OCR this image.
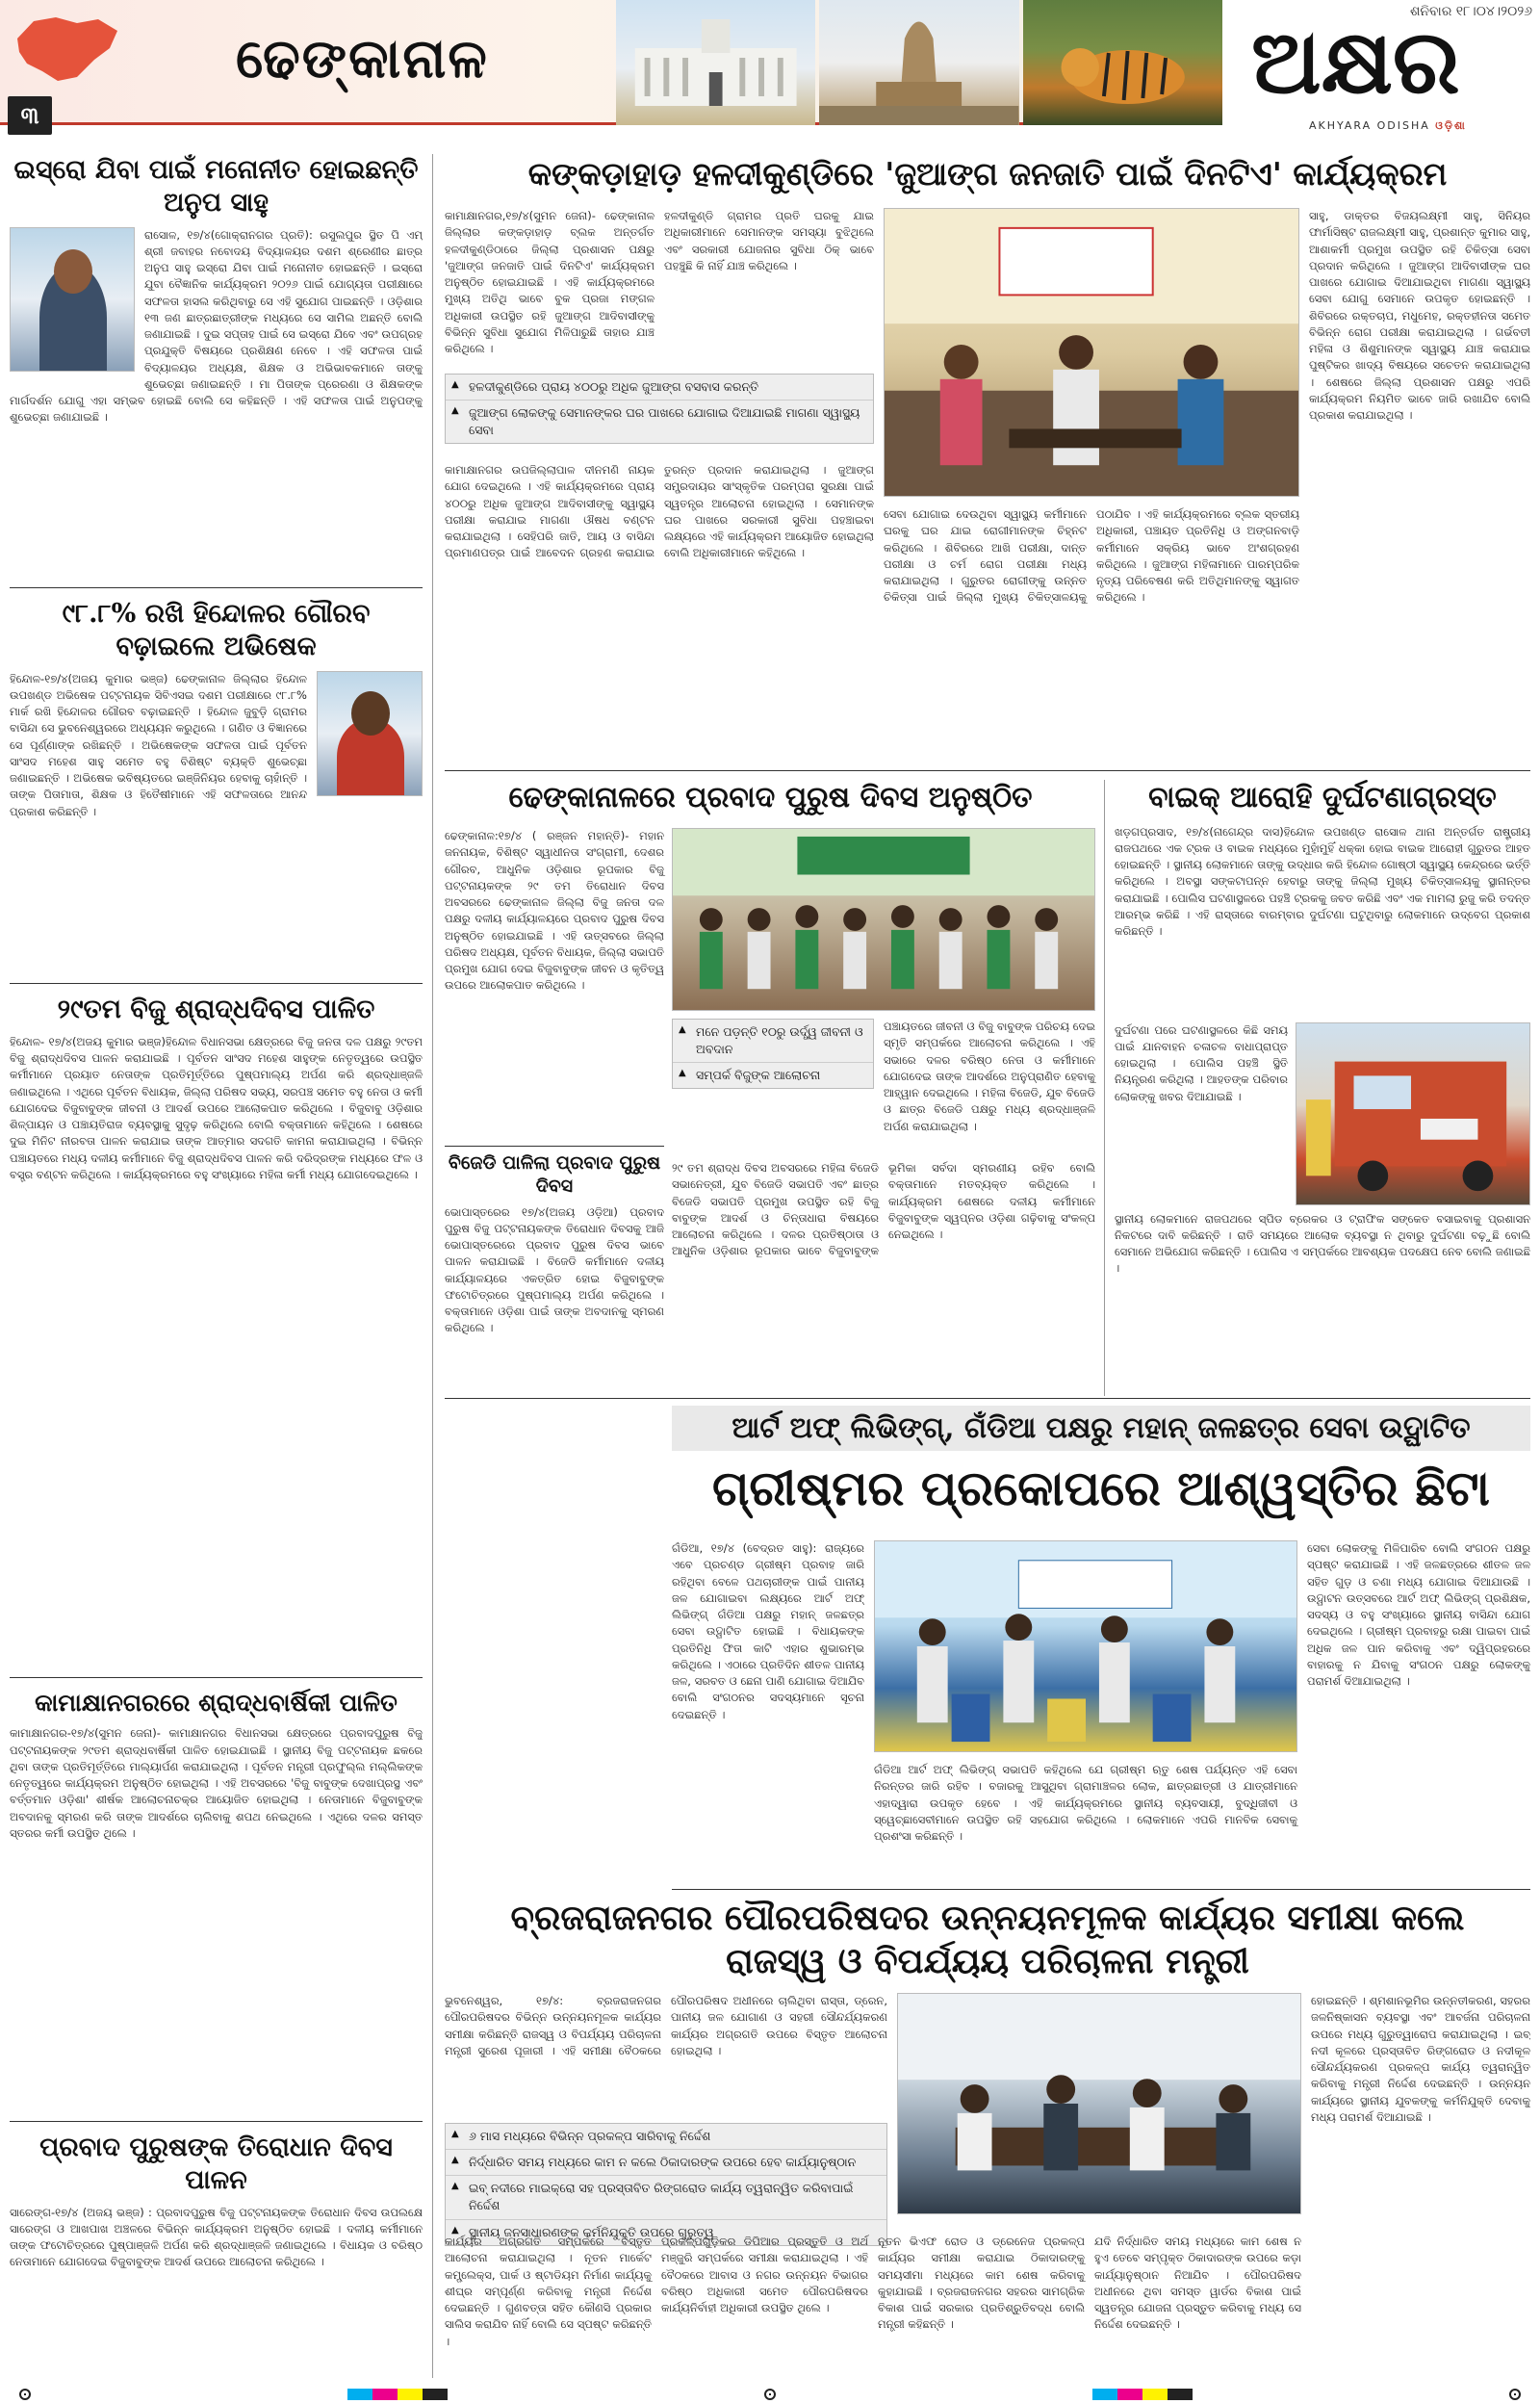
ଢେଙ୍କାନାଳ
୩
ଶନିବାର ୧୮।୦୪।୨୦୨୬
ଅକ୍ଷର
AKHYARA ODISHA ଓଡ଼ିଶା
ଇସ୍ରୋ ଯିବା ପାଇଁ ମନୋନୀତ ହୋଇଛନ୍ତି ଅନୁପ ସାହୁ
ରାସୋଳ, ୧୭/୪(ଗୋକ୍ରାନଗର ପ୍ରତି): ରସୁଲପୁର ସ୍ଥିତ ପି ଏମ୍ ଶ୍ରୀ ଜବାହର ନବୋଦୟ ବିଦ୍ୟାଳୟର ଦଶମ ଶ୍ରେଣୀର ଛାତ୍ର ଅନୁପ ସାହୁ ଇସ୍ରୋ ଯିବା ପାଇଁ ମନୋନୀତ ହୋଇଛନ୍ତି । ଇସ୍ରୋ ଯୁବା ବୈଜ୍ଞାନିକ କାର୍ଯ୍ୟକ୍ରମ ୨୦୨୬ ପାଇଁ ଯୋଗ୍ୟତା ପରୀକ୍ଷାରେ ସଫଳତା ହାସଲ କରିଥିବାରୁ ସେ ଏହି ସୁଯୋଗ ପାଇଛନ୍ତି । ଓଡ଼ିଶାର ୧୩ ଜଣ ଛାତ୍ରଛାତ୍ରୀଙ୍କ ମଧ୍ୟରେ ସେ ସାମିଲ ଅଛନ୍ତି ବୋଲି ଜଣାଯାଇଛି । ଦୁଇ ସପ୍ତାହ ପାଇଁ ସେ ଇସ୍ରୋ ଯିବେ ଏବଂ ଉପଗ୍ରହ ପ୍ରଯୁକ୍ତି ବିଷୟରେ ପ୍ରଶିକ୍ଷଣ ନେବେ । ଏହି ସଫଳତା ପାଇଁ ବିଦ୍ୟାଳୟର ଅଧ୍ୟକ୍ଷ, ଶିକ୍ଷକ ଓ ଅଭିଭାବକମାନେ ତାଙ୍କୁ ଶୁଭେଚ୍ଛା ଜଣାଇଛନ୍ତି । ମା ପିତାଙ୍କ ପ୍ରେରଣା ଓ ଶିକ୍ଷକଙ୍କ ମାର୍ଗଦର୍ଶନ ଯୋଗୁ ଏହା ସମ୍ଭବ ହୋଇଛି ବୋଲି ସେ କହିଛନ୍ତି । ଏହି ସଫଳତା ପାଇଁ ଅନୁପଙ୍କୁ ଶୁଭେଚ୍ଛା ଜଣାଯାଇଛି ।
୯୮.୮% ରଖି ହିନ୍ଦୋଳର ଗୌରବ ବଢ଼ାଇଲେ ଅଭିଷେକ
ହିନ୍ଦୋଳ-୧୭/୪(ଅଜୟ କୁମାର ଭଞ୍ଜ) ଢେଙ୍କାନାଳ ଜିଲ୍ଲାର ହିନ୍ଦୋଳ ଉପଖଣ୍ଡ ଅଭିଷେକ ପଟ୍ଟନାୟକ ସିବିଏସଇ ଦଶମ ପରୀକ୍ଷାରେ ୯୮.୮% ମାର୍କ ରଖି ହିନ୍ଦୋଳର ଗୌରବ ବଢ଼ାଇଛନ୍ତି । ହିନ୍ଦୋଳ ଜୁବୁଡ଼ି ଗ୍ରାମର ବାସିନ୍ଦା ସେ ଭୁବନେଶ୍ୱରରେ ଅଧ୍ୟୟନ କରୁଥିଲେ । ଗଣିତ ଓ ବିଜ୍ଞାନରେ ସେ ପୂର୍ଣ୍ଣାଙ୍କ ରଖିଛନ୍ତି । ଅଭିଷେକଙ୍କ ସଫଳତା ପାଇଁ ପୂର୍ବତନ ସାଂସଦ ମହେଶ ସାହୁ ସମେତ ବହୁ ବିଶିଷ୍ଟ ବ୍ୟକ୍ତି ଶୁଭେଚ୍ଛା ଜଣାଇଛନ୍ତି । ଅଭିଷେକ ଭବିଷ୍ୟତରେ ଇଞ୍ଜିନିୟର ହେବାକୁ ଚାହାଁନ୍ତି । ତାଙ୍କ ପିତାମାତା, ଶିକ୍ଷକ ଓ ହିତୈଷୀମାନେ ଏହି ସଫଳତାରେ ଆନନ୍ଦ ପ୍ରକାଶ କରିଛନ୍ତି ।
୨୯ତମ ବିଜୁ ଶ୍ରାଦ୍ଧଦିବସ ପାଳିତ
ହିନ୍ଦୋଳ- ୧୭/୪(ଅଜୟ କୁମାର ଭଞ୍ଜ)ହିନ୍ଦୋଳ ବିଧାନସଭା କ୍ଷେତ୍ରରେ ବିଜୁ ଜନତା ଦଳ ପକ୍ଷରୁ ୨୯ତମ ବିଜୁ ଶ୍ରାଦ୍ଧଦିବସ ପାଳନ କରାଯାଇଛି । ପୂର୍ବତନ ସାଂସଦ ମହେଶ ସାହୁଙ୍କ ନେତୃତ୍ୱରେ ଉପସ୍ଥିତ କର୍ମୀମାନେ ପ୍ରୟାତ ନେତାଙ୍କ ପ୍ରତିମୂର୍ତ୍ତିରେ ପୁଷ୍ପମାଲ୍ୟ ଅର୍ପଣ କରି ଶ୍ରଦ୍ଧାଞ୍ଜଳି ଜଣାଇଥିଲେ । ଏଥିରେ ପୂର୍ବତନ ବିଧାୟକ, ଜିଲ୍ଲା ପରିଷଦ ସଭ୍ୟ, ସରପଞ୍ଚ ସମେତ ବହୁ ନେତା ଓ କର୍ମୀ ଯୋଗଦେଇ ବିଜୁବାବୁଙ୍କ ଜୀବନୀ ଓ ଆଦର୍ଶ ଉପରେ ଆଲୋକପାତ କରିଥିଲେ । ବିଜୁବାବୁ ଓଡ଼ିଶାର ଶିଳ୍ପାୟନ ଓ ପଞ୍ଚାୟତିରାଜ ବ୍ୟବସ୍ଥାକୁ ସୁଦୃଢ଼ କରିଥିଲେ ବୋଲି ବକ୍ତାମାନେ କହିଥିଲେ । ଶେଷରେ ଦୁଇ ମିନିଟ ନୀରବତା ପାଳନ କରାଯାଇ ତାଙ୍କ ଆତ୍ମାର ସଦଗତି କାମନା କରାଯାଇଥିଲା । ବିଭିନ୍ନ ପଞ୍ଚାୟତରେ ମଧ୍ୟ ଦଳୀୟ କର୍ମୀମାନେ ବିଜୁ ଶ୍ରାଦ୍ଧଦିବସ ପାଳନ କରି ଦରିଦ୍ରଙ୍କ ମଧ୍ୟରେ ଫଳ ଓ ବସ୍ତ୍ର ବଣ୍ଟନ କରିଥିଲେ । କାର୍ଯ୍ୟକ୍ରମରେ ବହୁ ସଂଖ୍ୟାରେ ମହିଳା କର୍ମୀ ମଧ୍ୟ ଯୋଗଦେଇଥିଲେ ।
କାମାକ୍ଷାନଗରରେ ଶ୍ରାଦ୍ଧବାର୍ଷିକୀ ପାଳିତ
କାମାକ୍ଷାନଗର-୧୭/୪(ସୁମନ ଜେନା)- କାମାକ୍ଷାନଗର ବିଧାନସଭା କ୍ଷେତ୍ରରେ ପ୍ରବାଦପୁରୁଷ ବିଜୁ ପଟ୍ଟନାୟକଙ୍କ ୨୯ତମ ଶ୍ରାଦ୍ଧବାର୍ଷିକୀ ପାଳିତ ହୋଇଯାଇଛି । ସ୍ଥାନୀୟ ବିଜୁ ପଟ୍ଟନାୟକ ଛକରେ ଥିବା ତାଙ୍କ ପ୍ରତିମୂର୍ତ୍ତିରେ ମାଲ୍ୟାର୍ପଣ କରାଯାଇଥିଲା । ପୂର୍ବତନ ମନ୍ତ୍ରୀ ପ୍ରଫୁଲ୍ଲ ମଲ୍ଲିକଙ୍କ ନେତୃତ୍ୱରେ କାର୍ଯ୍ୟକ୍ରମ ଅନୁଷ୍ଠିତ ହୋଇଥିଲା । ଏହି ଅବସରରେ 'ବିଜୁ ବାବୁଙ୍କ ଦେଖାପ୍ରସ୍ଥ ଏବଂ ବର୍ତ୍ତମାନ ଓଡ଼ିଶା' ଶୀର୍ଷକ ଆଲୋଚନାଚକ୍ର ଆୟୋଜିତ ହୋଇଥିଲା । ନେତାମାନେ ବିଜୁବାବୁଙ୍କ ଅବଦାନକୁ ସ୍ମରଣ କରି ତାଙ୍କ ଆଦର୍ଶରେ ଚାଲିବାକୁ ଶପଥ ନେଇଥିଲେ । ଏଥିରେ ଦଳର ସମସ୍ତ ସ୍ତରର କର୍ମୀ ଉପସ୍ଥିତ ଥିଲେ ।
ପ୍ରବାଦ ପୁରୁଷଙ୍କ ତିରୋଧାନ ଦିବସ ପାଳନ
ସାରେଙ୍ଗ-୧୭/୪ (ଅଜୟ ଭଞ୍ଜ) : ପ୍ରବାଦପୁରୁଷ ବିଜୁ ପଟ୍ଟନାୟକଙ୍କ ତିରୋଧାନ ଦିବସ ଉପଲକ୍ଷେ ସାରେଙ୍ଗ ଓ ଆଖପାଖ ଅଞ୍ଚଳରେ ବିଭିନ୍ନ କାର୍ଯ୍ୟକ୍ରମ ଅନୁଷ୍ଠିତ ହୋଇଛି । ଦଳୀୟ କର୍ମୀମାନେ ତାଙ୍କ ଫଟୋଚିତ୍ରରେ ପୁଷ୍ପାଞ୍ଜଳି ଅର୍ପଣ କରି ଶ୍ରଦ୍ଧାଞ୍ଜଳି ଜଣାଇଥିଲେ । ବିଧାୟକ ଓ ବରିଷ୍ଠ ନେତାମାନେ ଯୋଗଦେଇ ବିଜୁବାବୁଙ୍କ ଆଦର୍ଶ ଉପରେ ଆଲୋଚନା କରିଥିଲେ ।
କଙ୍କଡ଼ାହାଡ଼ ହଳଦୀକୁଣ୍ଡିରେ 'ଜୁଆଙ୍ଗ ଜନଜାତି ପାଇଁ ଦିନଟିଏ' କାର୍ଯ୍ୟକ୍ରମ
କାମାକ୍ଷାନଗର,୧୭/୪(ସୁମନ ଜେନା)- ଢେଙ୍କାନାଳ ଜିଲ୍ଲାର କଙ୍କଡ଼ାହାଡ଼ ବ୍ଲକ ଅନ୍ତର୍ଗତ ହଳଦୀକୁଣ୍ଡିଠାରେ ଜିଲ୍ଲା ପ୍ରଶାସନ ପକ୍ଷରୁ 'ଜୁଆଙ୍ଗ ଜନଜାତି ପାଇଁ ଦିନଟିଏ' କାର୍ଯ୍ୟକ୍ରମ ଅନୁଷ୍ଠିତ ହୋଇଯାଇଛି । ଏହି କାର୍ଯ୍ୟକ୍ରମରେ ମୁଖ୍ୟ ଅତିଥି ଭାବେ ବୁକ ପ୍ରଜା ମଙ୍ଗଳ ଅଧିକାରୀ ଉପସ୍ଥିତ ରହି ଜୁଆଙ୍ଗ ଆଦିବାସୀଙ୍କୁ ବିଭିନ୍ନ ସୁବିଧା ସୁଯୋଗ ମିଳିପାରୁଛି ତାହାର ଯାଞ୍ଚ କରିଥିଲେ ।
ହଳଦୀକୁଣ୍ଡି ଗ୍ରାମର ପ୍ରତି ଘରକୁ ଯାଇ ଅଧିକାରୀମାନେ ସେମାନଙ୍କ ସମସ୍ୟା ବୁଝିଥିଲେ ଏବଂ ସରକାରୀ ଯୋଜନାର ସୁବିଧା ଠିକ୍ ଭାବେ ପହଞ୍ଚୁଛି କି ନାହିଁ ଯାଞ୍ଚ କରିଥିଲେ ।
▲ ହଳଦୀକୁଣ୍ଡିରେ ପ୍ରାୟ ୪୦୦ରୁ ଅଧିକ ଜୁଆଙ୍ଗ ବସବାସ କରନ୍ତି
▲ ଜୁଆଙ୍ଗ ଲୋକଙ୍କୁ ସେମାନଙ୍କର ଘର ପାଖରେ ଯୋଗାଇ ଦିଆଯାଇଛି ମାଗଣା ସ୍ୱାସ୍ଥ୍ୟ ସେବା
କାମାକ୍ଷାନଗର ଉପଜିଲ୍ଲାପାଳ ଦୀନମଣି ନାୟକ ଯୋଗ ଦେଇଥିଲେ । ଏହି କାର୍ଯ୍ୟକ୍ରମରେ ପ୍ରାୟ ୪୦୦ରୁ ଅଧିକ ଜୁଆଙ୍ଗ ଆଦିବାସୀଙ୍କୁ ସ୍ୱାସ୍ଥ୍ୟ ପରୀକ୍ଷା କରାଯାଇ ମାଗଣା ଔଷଧ ବଣ୍ଟନ କରାଯାଇଥିଲା । ସେହିପରି ଜାତି, ଆୟ ଓ ବାସିନ୍ଦା ପ୍ରମାଣପତ୍ର ପାଇଁ ଆବେଦନ ଗ୍ରହଣ କରାଯାଇ ତୁରନ୍ତ ପ୍ରଦାନ କରାଯାଇଥିଲା । ଜୁଆଙ୍ଗ ସମ୍ପ୍ରଦାୟର ସାଂସ୍କୃତିକ ପରମ୍ପରା ସୁରକ୍ଷା ପାଇଁ ସ୍ୱତନ୍ତ୍ର ଆଲୋଚନା ହୋଇଥିଲା । ସେମାନଙ୍କ ଘର ପାଖରେ ସରକାରୀ ସୁବିଧା ପହଞ୍ଚାଇବା ଲକ୍ଷ୍ୟରେ ଏହି କାର୍ଯ୍ୟକ୍ରମ ଆୟୋଜିତ ହୋଇଥିଲା ବୋଲି ଅଧିକାରୀମାନେ କହିଥିଲେ ।
ସାହୁ, ଡାକ୍ତର ବିଜୟଲକ୍ଷ୍ମୀ ସାହୁ, ସିନିୟର ଫାର୍ମାସିଷ୍ଟ ରାଜଲକ୍ଷ୍ମୀ ସାହୁ, ପ୍ରଶାନ୍ତ କୁମାର ସାହୁ, ଆଶାକର୍ମୀ ପ୍ରମୁଖ ଉପସ୍ଥିତ ରହି ଚିକିତ୍ସା ସେବା ପ୍ରଦାନ କରିଥିଲେ । ଜୁଆଙ୍ଗ ଆଦିବାସୀଙ୍କ ଘର ପାଖରେ ଯୋଗାଇ ଦିଆଯାଇଥିବା ମାଗଣା ସ୍ୱାସ୍ଥ୍ୟ ସେବା ଯୋଗୁ ସେମାନେ ଉପକୃତ ହୋଇଛନ୍ତି । ଶିବିରରେ ରକ୍ତଚାପ, ମଧୁମେହ, ରକ୍ତହୀନତା ସମେତ ବିଭିନ୍ନ ରୋଗ ପରୀକ୍ଷା କରାଯାଇଥିଲା । ଗର୍ଭବତୀ ମହିଳା ଓ ଶିଶୁମାନଙ୍କ ସ୍ୱାସ୍ଥ୍ୟ ଯାଞ୍ଚ କରାଯାଇ ପୁଷ୍ଟିକର ଖାଦ୍ୟ ବିଷୟରେ ସଚେତନ କରାଯାଇଥିଲା । ଶେଷରେ ଜିଲ୍ଲା ପ୍ରଶାସନ ପକ୍ଷରୁ ଏପରି କାର୍ଯ୍ୟକ୍ରମ ନିୟମିତ ଭାବେ ଜାରି ରଖାଯିବ ବୋଲି ପ୍ରକାଶ କରାଯାଇଥିଲା ।
ସେବା ଯୋଗାଇ ଦେଉଥିବା ସ୍ୱାସ୍ଥ୍ୟ କର୍ମୀମାନେ ଘରକୁ ଘର ଯାଇ ରୋଗୀମାନଙ୍କ ଚିହ୍ନଟ କରିଥିଲେ । ଶିବିରରେ ଆଖି ପରୀକ୍ଷା, ଦାନ୍ତ ପରୀକ୍ଷା ଓ ଚର୍ମ ରୋଗ ପରୀକ୍ଷା ମଧ୍ୟ କରାଯାଇଥିଲା । ଗୁରୁତର ରୋଗୀଙ୍କୁ ଉନ୍ନତ ଚିକିତ୍ସା ପାଇଁ ଜିଲ୍ଲା ମୁଖ୍ୟ ଚିକିତ୍ସାଳୟକୁ ପଠାଯିବ । ଏହି କାର୍ଯ୍ୟକ୍ରମରେ ବ୍ଲକ ସ୍ତରୀୟ ଅଧିକାରୀ, ପଞ୍ଚାୟତ ପ୍ରତିନିଧି ଓ ଅଙ୍ଗନବାଡ଼ି କର୍ମୀମାନେ ସକ୍ରିୟ ଭାବେ ଅଂଶଗ୍ରହଣ କରିଥିଲେ । ଜୁଆଙ୍ଗ ମହିଳାମାନେ ପାରମ୍ପରିକ ନୃତ୍ୟ ପରିବେଷଣ କରି ଅତିଥିମାନଙ୍କୁ ସ୍ୱାଗତ କରିଥିଲେ ।
ଢେଙ୍କାନାଳରେ ପ୍ରବାଦ ପୁରୁଷ ଦିବସ ଅନୁଷ୍ଠିତ
ଢେଙ୍କାନାଳ:୧୭/୪ ( ରଞ୍ଜନ ମହାନ୍ତି)- ମହାନ ଜନନାୟକ, ବିଶିଷ୍ଟ ସ୍ୱାଧୀନତା ସଂଗ୍ରାମୀ, ଦେଶର ଗୌରବ, ଆଧୁନିକ ଓଡ଼ିଶାର ରୂପକାର ବିଜୁ ପଟ୍ଟନାୟକଙ୍କ ୨୯ ତମ ତିରୋଧାନ ଦିବସ ଅବସରରେ ଢେଙ୍କାନାଳ ଜିଲ୍ଲା ବିଜୁ ଜନତା ଦଳ ପକ୍ଷରୁ ଦଳୀୟ କାର୍ଯ୍ୟାଳୟରେ ପ୍ରବାଦ ପୁରୁଷ ଦିବସ ଅନୁଷ୍ଠିତ ହୋଇଯାଇଛି । ଏହି ଉତ୍ସବରେ ଜିଲ୍ଲା ପରିଷଦ ଅଧ୍ୟକ୍ଷ, ପୂର୍ବତନ ବିଧାୟକ, ଜିଲ୍ଲା ସଭାପତି ପ୍ରମୁଖ ଯୋଗ ଦେଇ ବିଜୁବାବୁଙ୍କ ଜୀବନ ଓ କୃତିତ୍ୱ ଉପରେ ଆଲୋକପାତ କରିଥିଲେ ।
▲ ମନେ ପଡ଼ନ୍ତି ୧୦ରୁ ଉର୍ଦ୍ଧ୍ୱ ଜୀବନୀ ଓ ଅବଦାନ
▲ ସମ୍ପର୍କ ବିଜୁଙ୍କ ଆଲୋଚନା
ପଞ୍ଚାୟତରେ ଜୀବନୀ ଓ ବିଜୁ ବାବୁଙ୍କ ପରିଚୟ ଦେଇ ସ୍ମୃତି ସମ୍ପର୍କରେ ଆଲୋଚନା କରିଥିଲେ । ଏହି ସଭାରେ ଦଳର ବରିଷ୍ଠ ନେତା ଓ କର୍ମୀମାନେ ଯୋଗଦେଇ ତାଙ୍କ ଆଦର୍ଶରେ ଅନୁପ୍ରାଣିତ ହେବାକୁ ଆହ୍ୱାନ ଦେଇଥିଲେ । ମହିଳା ବିଜେଡି, ଯୁବ ବିଜେଡି ଓ ଛାତ୍ର ବିଜେଡି ପକ୍ଷରୁ ମଧ୍ୟ ଶ୍ରଦ୍ଧାଞ୍ଜଳି ଅର୍ପଣ କରାଯାଇଥିଲା ।
୨୯ ତମ ଶ୍ରାଦ୍ଧ ଦିବସ ଅବସରରେ ମହିଳା ବିଜେଡି ସଭାନେତ୍ରୀ, ଯୁବ ବିଜେଡି ସଭାପତି ଏବଂ ଛାତ୍ର ବିଜେଡି ସଭାପତି ପ୍ରମୁଖ ଉପସ୍ଥିତ ରହି ବିଜୁ ବାବୁଙ୍କ ଆଦର୍ଶ ଓ ଚିନ୍ତାଧାରା ବିଷୟରେ ଆଲୋଚନା କରିଥିଲେ । ଦଳର ପ୍ରତିଷ୍ଠାତା ଓ ଆଧୁନିକ ଓଡ଼ିଶାର ରୂପକାର ଭାବେ ବିଜୁବାବୁଙ୍କ ଭୂମିକା ସର୍ବଦା ସ୍ମରଣୀୟ ରହିବ ବୋଲି ବକ୍ତାମାନେ ମତବ୍ୟକ୍ତ କରିଥିଲେ । କାର୍ଯ୍ୟକ୍ରମ ଶେଷରେ ଦଳୀୟ କର୍ମୀମାନେ ବିଜୁବାବୁଙ୍କ ସ୍ୱପ୍ନର ଓଡ଼ିଶା ଗଢ଼ିବାକୁ ସଂକଳ୍ପ ନେଇଥିଲେ ।
ବିଜେଡି ପାଳିଲା ପ୍ରବାଦ ପୁରୁଷ ଦିବସ
ଭୋପାସ୍ତରେର ୧୭/୪(ଅଜୟ ଓଡ଼ିଆ) ପ୍ରବାଦ ପୁରୁଷ ବିଜୁ ପଟ୍ଟନାୟକଙ୍କ ତିରୋଧାନ ଦିବସକୁ ଆଜି ଭୋପାସ୍ତରେରେ ପ୍ରବାଦ ପୁରୁଷ ଦିବସ ଭାବେ ପାଳନ କରାଯାଇଛି । ବିଜେଡି କର୍ମୀମାନେ ଦଳୀୟ କାର୍ଯ୍ୟାଳୟରେ ଏକତ୍ରିତ ହୋଇ ବିଜୁବାବୁଙ୍କ ଫଟୋଚିତ୍ରରେ ପୁଷ୍ପମାଲ୍ୟ ଅର୍ପଣ କରିଥିଲେ । ବକ୍ତାମାନେ ଓଡ଼ିଶା ପାଇଁ ତାଙ୍କ ଅବଦାନକୁ ସ୍ମରଣ କରିଥିଲେ ।
ବାଇକ୍ ଆରୋହି ଦୁର୍ଘଟଣାଗ୍ରସ୍ତ
ଖଡ଼ଗପ୍ରସାଦ, ୧୭/୪(ନାଗେନ୍ଦ୍ର ଦାସ)ହିନ୍ଦୋଳ ଉପଖଣ୍ଡ ରାସୋଳ ଥାନା ଅନ୍ତର୍ଗତ ରାଷ୍ଟ୍ରୀୟ ରାଜପଥରେ ଏକ ଟ୍ରକ ଓ ବାଇକ ମଧ୍ୟରେ ମୁହାଁମୁହିଁ ଧକ୍କା ହୋଇ ବାଇକ ଆରୋହୀ ଗୁରୁତର ଆହତ ହୋଇଛନ୍ତି । ସ୍ଥାନୀୟ ଲୋକମାନେ ତାଙ୍କୁ ଉଦ୍ଧାର କରି ହିନ୍ଦୋଳ ଗୋଷ୍ଠୀ ସ୍ୱାସ୍ଥ୍ୟ କେନ୍ଦ୍ରରେ ଭର୍ତ୍ତି କରିଥିଲେ । ଅବସ୍ଥା ସଙ୍କଟାପନ୍ନ ହେବାରୁ ତାଙ୍କୁ ଜିଲ୍ଲା ମୁଖ୍ୟ ଚିକିତ୍ସାଳୟକୁ ସ୍ଥାନାନ୍ତର କରାଯାଇଛି । ପୋଲିସ ଘଟଣାସ୍ଥଳରେ ପହଞ୍ଚି ଟ୍ରକକୁ ଜବତ କରିଛି ଏବଂ ଏକ ମାମଲା ରୁଜୁ କରି ତଦନ୍ତ ଆରମ୍ଭ କରିଛି । ଏହି ରାସ୍ତାରେ ବାରମ୍ବାର ଦୁର୍ଘଟଣା ଘଟୁଥିବାରୁ ଲୋକମାନେ ଉଦ୍‌ବେଗ ପ୍ରକାଶ କରିଛନ୍ତି ।
ଦୁର୍ଘଟଣା ପରେ ଘଟଣାସ୍ଥଳରେ କିଛି ସମୟ ପାଇଁ ଯାନବାହନ ଚଳାଚଳ ବାଧାପ୍ରାପ୍ତ ହୋଇଥିଲା । ପୋଲିସ ପହଞ୍ଚି ସ୍ଥିତି ନିୟନ୍ତ୍ରଣ କରିଥିଲା । ଆହତଙ୍କ ପରିବାର ଲୋକଙ୍କୁ ଖବର ଦିଆଯାଇଛି ।
ସ୍ଥାନୀୟ ଲୋକମାନେ ରାଜପଥରେ ସ୍ପିଡ ବ୍ରେକର ଓ ଟ୍ରାଫିକ ସଙ୍କେତ ବସାଇବାକୁ ପ୍ରଶାସନ ନିକଟରେ ଦାବି କରିଛନ୍ତି । ରାତି ସମୟରେ ଆଲୋକ ବ୍ୟବସ୍ଥା ନ ଥିବାରୁ ଦୁର୍ଘଟଣା ବଢ଼ୁଛି ବୋଲି ସେମାନେ ଅଭିଯୋଗ କରିଛନ୍ତି । ପୋଲିସ ଏ ସମ୍ପର୍କରେ ଆବଶ୍ୟକ ପଦକ୍ଷେପ ନେବ ବୋଲି ଜଣାଇଛି ।
ଆର୍ଟ ଅଫ୍ ଲିଭିଙ୍ଗ୍, ଗଁଡିଆ ପକ୍ଷରୁ ମହାନ୍ ଜଳଛତ୍ର ସେବା ଉଦ୍ଘାଟିତ
ଗ୍ରୀଷ୍ମର ପ୍ରକୋପରେ ଆଶ୍ୱସ୍ତିର ଛିଟା
ଗଁଡିଆ, ୧୭/୪ (ବେଦ୍ରତ ସାହୁ): ରାଜ୍ୟରେ ଏବେ ପ୍ରଚଣ୍ଡ ଗ୍ରୀଷ୍ମ ପ୍ରବାହ ଜାରି ରହିଥିବା ବେଳେ ପଥଚାରୀଙ୍କ ପାଇଁ ପାନୀୟ ଜଳ ଯୋଗାଇବା ଲକ୍ଷ୍ୟରେ ଆର୍ଟ ଅଫ୍ ଲିଭିଙ୍ଗ୍ ଗଁଡିଆ ପକ୍ଷରୁ ମହାନ୍ ଜଳଛତ୍ର ସେବା ଉଦ୍ଘାଟିତ ହୋଇଛି । ବିଧାୟକଙ୍କ ପ୍ରତିନିଧି ଫିତା କାଟି ଏହାର ଶୁଭାରମ୍ଭ କରିଥିଲେ । ଏଠାରେ ପ୍ରତିଦିନ ଶୀତଳ ପାନୀୟ ଜଳ, ସରବତ ଓ ଛେନା ପାଣି ଯୋଗାଇ ଦିଆଯିବ ବୋଲି ସଂଗଠନର ସଦସ୍ୟମାନେ ସୂଚନା ଦେଇଛନ୍ତି ।
ଗଁଡିଆ ଆର୍ଟ ଅଫ୍ ଲିଭିଙ୍ଗ୍ ସଭାପତି କହିଥିଲେ ଯେ ଗ୍ରୀଷ୍ମ ଋତୁ ଶେଷ ପର୍ଯ୍ୟନ୍ତ ଏହି ସେବା ନିରନ୍ତର ଜାରି ରହିବ । ବଜାରକୁ ଆସୁଥିବା ଗ୍ରାମାଞ୍ଚଳର ଲୋକ, ଛାତ୍ରଛାତ୍ରୀ ଓ ଯାତ୍ରୀମାନେ ଏହାଦ୍ୱାରା ଉପକୃତ ହେବେ । ଏହି କାର୍ଯ୍ୟକ୍ରମରେ ସ୍ଥାନୀୟ ବ୍ୟବସାୟୀ, ବୁଦ୍ଧିଜୀବୀ ଓ ସ୍ୱେଚ୍ଛାସେବୀମାନେ ଉପସ୍ଥିତ ରହି ସହଯୋଗ କରିଥିଲେ । ଲୋକମାନେ ଏପରି ମାନବିକ ସେବାକୁ ପ୍ରଶଂସା କରିଛନ୍ତି ।
ସେବା ଲୋକଙ୍କୁ ମିଳିପାରିବ ବୋଲି ସଂଗଠନ ପକ୍ଷରୁ ସ୍ପଷ୍ଟ କରାଯାଇଛି । ଏହି ଜଳଛତ୍ରରେ ଶୀତଳ ଜଳ ସହିତ ଗୁଡ଼ ଓ ଚଣା ମଧ୍ୟ ଯୋଗାଇ ଦିଆଯାଉଛି । ଉଦ୍ଘାଟନ ଉତ୍ସବରେ ଆର୍ଟ ଅଫ୍ ଲିଭିଙ୍ଗ୍ ପ୍ରଶିକ୍ଷକ, ସଦସ୍ୟ ଓ ବହୁ ସଂଖ୍ୟାରେ ସ୍ଥାନୀୟ ବାସିନ୍ଦା ଯୋଗ ଦେଇଥିଲେ । ଗ୍ରୀଷ୍ମ ପ୍ରବାହରୁ ରକ୍ଷା ପାଇବା ପାଇଁ ଅଧିକ ଜଳ ପାନ କରିବାକୁ ଏବଂ ଦ୍ୱିପ୍ରହରରେ ବାହାରକୁ ନ ଯିବାକୁ ସଂଗଠନ ପକ୍ଷରୁ ଲୋକଙ୍କୁ ପରାମର୍ଶ ଦିଆଯାଇଥିଲା ।
ବ୍ରଜରାଜନଗର ପୌରପରିଷଦର ଉନ୍ନୟନମୂଳକ କାର୍ଯ୍ୟର ସମୀକ୍ଷା କଲେ ରାଜସ୍ୱ ଓ ବିପର୍ଯ୍ୟୟ ପରିଚାଳନା ମନ୍ତ୍ରୀ
ଭୁବନେଶ୍ୱର, ୧୭/୪: ବ୍ରଜରାଜନଗର ପୌରପରିଷଦର ବିଭିନ୍ନ ଉନ୍ନୟନମୂଳକ କାର୍ଯ୍ୟର ସମୀକ୍ଷା କରିଛନ୍ତି ରାଜସ୍ୱ ଓ ବିପର୍ଯ୍ୟୟ ପରିଚାଳନା ମନ୍ତ୍ରୀ ସୁରେଶ ପୂଜାରୀ । ଏହି ସମୀକ୍ଷା ବୈଠକରେ ପୌରପରିଷଦ ଅଧୀନରେ ଚାଲିଥିବା ରାସ୍ତା, ଡ୍ରେନ, ପାନୀୟ ଜଳ ଯୋଗାଣ ଓ ସହରୀ ସୌନ୍ଦର୍ଯ୍ୟକରଣ କାର୍ଯ୍ୟର ଅଗ୍ରଗତି ଉପରେ ବିସ୍ତୃତ ଆଲୋଚନା ହୋଇଥିଲା ।
▲ ୬ ମାସ ମଧ୍ୟରେ ବିଭିନ୍ନ ପ୍ରକଳ୍ପ ସାରିବାକୁ ନିର୍ଦ୍ଦେଶ
▲ ନିର୍ଦ୍ଧାରିତ ସମୟ ମଧ୍ୟରେ କାମ ନ କଲେ ଠିକାଦାରଙ୍କ ଉପରେ ହେବ କାର୍ଯ୍ୟାନୁଷ୍ଠାନ
▲ ଇବ୍ ନଦୀରେ ମାଇକ୍ରୋ ସହ ପ୍ରସ୍ତାବିତ ରିଙ୍ଗରୋଡ କାର୍ଯ୍ୟ ତ୍ୱରାନ୍ୱିତ କରିବାପାଇଁ ନିର୍ଦ୍ଦେଶ
▲ ସ୍ଥାନୀୟ ଜନସାଧାରଣଙ୍କ କର୍ମନିଯୁକ୍ତି ଉପରେ ଗୁରୁତ୍ୱ
ହୋଇଛନ୍ତି । ଶ୍ମଶାନଭୂମିର ଉନ୍ନତୀକରଣ, ସହରର ଜଳନିଷ୍କାସନ ବ୍ୟବସ୍ଥା ଏବଂ ଆବର୍ଜନା ପରିଚାଳନା ଉପରେ ମଧ୍ୟ ଗୁରୁତ୍ୱାରୋପ କରାଯାଇଥିଲା । ଇବ୍ ନଦୀ କୂଳରେ ପ୍ରସ୍ତାବିତ ରିଙ୍ଗରୋଡ ଓ ନଦୀକୂଳ ସୌନ୍ଦର୍ଯ୍ୟକରଣ ପ୍ରକଳ୍ପ କାର୍ଯ୍ୟ ତ୍ୱରାନ୍ୱିତ କରିବାକୁ ମନ୍ତ୍ରୀ ନିର୍ଦ୍ଦେଶ ଦେଇଛନ୍ତି । ଉନ୍ନୟନ କାର୍ଯ୍ୟରେ ସ୍ଥାନୀୟ ଯୁବକଙ୍କୁ କର୍ମନିଯୁକ୍ତି ଦେବାକୁ ମଧ୍ୟ ପରାମର୍ଶ ଦିଆଯାଇଛି ।
କାର୍ଯ୍ୟର ଅଗ୍ରଗତି ସମ୍ପର୍କରେ ବିସ୍ତୃତ ଆଲୋଚନା କରାଯାଇଥିଲା । ନୂତନ ମାର୍କେଟ କମ୍ପ୍ଲେକ୍ସ, ପାର୍କ ଓ ଷ୍ଟାଡିୟମ ନିର୍ମାଣ କାର୍ଯ୍ୟକୁ ଶୀଘ୍ର ସମ୍ପୂର୍ଣ୍ଣ କରିବାକୁ ମନ୍ତ୍ରୀ ନିର୍ଦ୍ଦେଶ ଦେଇଛନ୍ତି । ଗୁଣବତ୍ତା ସହିତ କୌଣସି ପ୍ରକାର ସାଲିସ କରାଯିବ ନାହିଁ ବୋଲି ସେ ସ୍ପଷ୍ଟ କରିଛନ୍ତି ।
ପ୍ରକଳ୍ପଗୁଡ଼ିକର ଡିପିଆର ପ୍ରସ୍ତୁତି ଓ ଅର୍ଥ ମଞ୍ଜୁରି ସମ୍ପର୍କରେ ସମୀକ୍ଷା କରାଯାଇଥିଲା । ଏହି ବୈଠକରେ ଆବାସ ଓ ନଗର ଉନ୍ନୟନ ବିଭାଗର ବରିଷ୍ଠ ଅଧିକାରୀ ସମେତ ପୌରପରିଷଦର କାର୍ଯ୍ୟନିର୍ବାହୀ ଅଧିକାରୀ ଉପସ୍ଥିତ ଥିଲେ ।
ନୂତନ ଭିଏଫ ରୋଡ ଓ ଡ୍ରେନେଜ ପ୍ରକଳ୍ପ କାର୍ଯ୍ୟର ସମୀକ୍ଷା କରାଯାଇ ଠିକାଦାରଙ୍କୁ ସମୟସୀମା ମଧ୍ୟରେ କାମ ଶେଷ କରିବାକୁ କୁହାଯାଇଛି । ବ୍ରଜରାଜନଗର ସହରର ସାମଗ୍ରିକ ବିକାଶ ପାଇଁ ସରକାର ପ୍ରତିଶ୍ରୁତିବଦ୍ଧ ବୋଲି ମନ୍ତ୍ରୀ କହିଛନ୍ତି ।
ଯଦି ନିର୍ଦ୍ଧାରିତ ସମୟ ମଧ୍ୟରେ କାମ ଶେଷ ନ ହୁଏ ତେବେ ସମ୍ପୃକ୍ତ ଠିକାଦାରଙ୍କ ଉପରେ କଡ଼ା କାର୍ଯ୍ୟାନୁଷ୍ଠାନ ନିଆଯିବ । ପୌରପରିଷଦ ଅଧୀନରେ ଥିବା ସମସ୍ତ ୱାର୍ଡର ବିକାଶ ପାଇଁ ସ୍ୱତନ୍ତ୍ର ଯୋଜନା ପ୍ରସ୍ତୁତ କରିବାକୁ ମଧ୍ୟ ସେ ନିର୍ଦ୍ଦେଶ ଦେଇଛନ୍ତି ।
